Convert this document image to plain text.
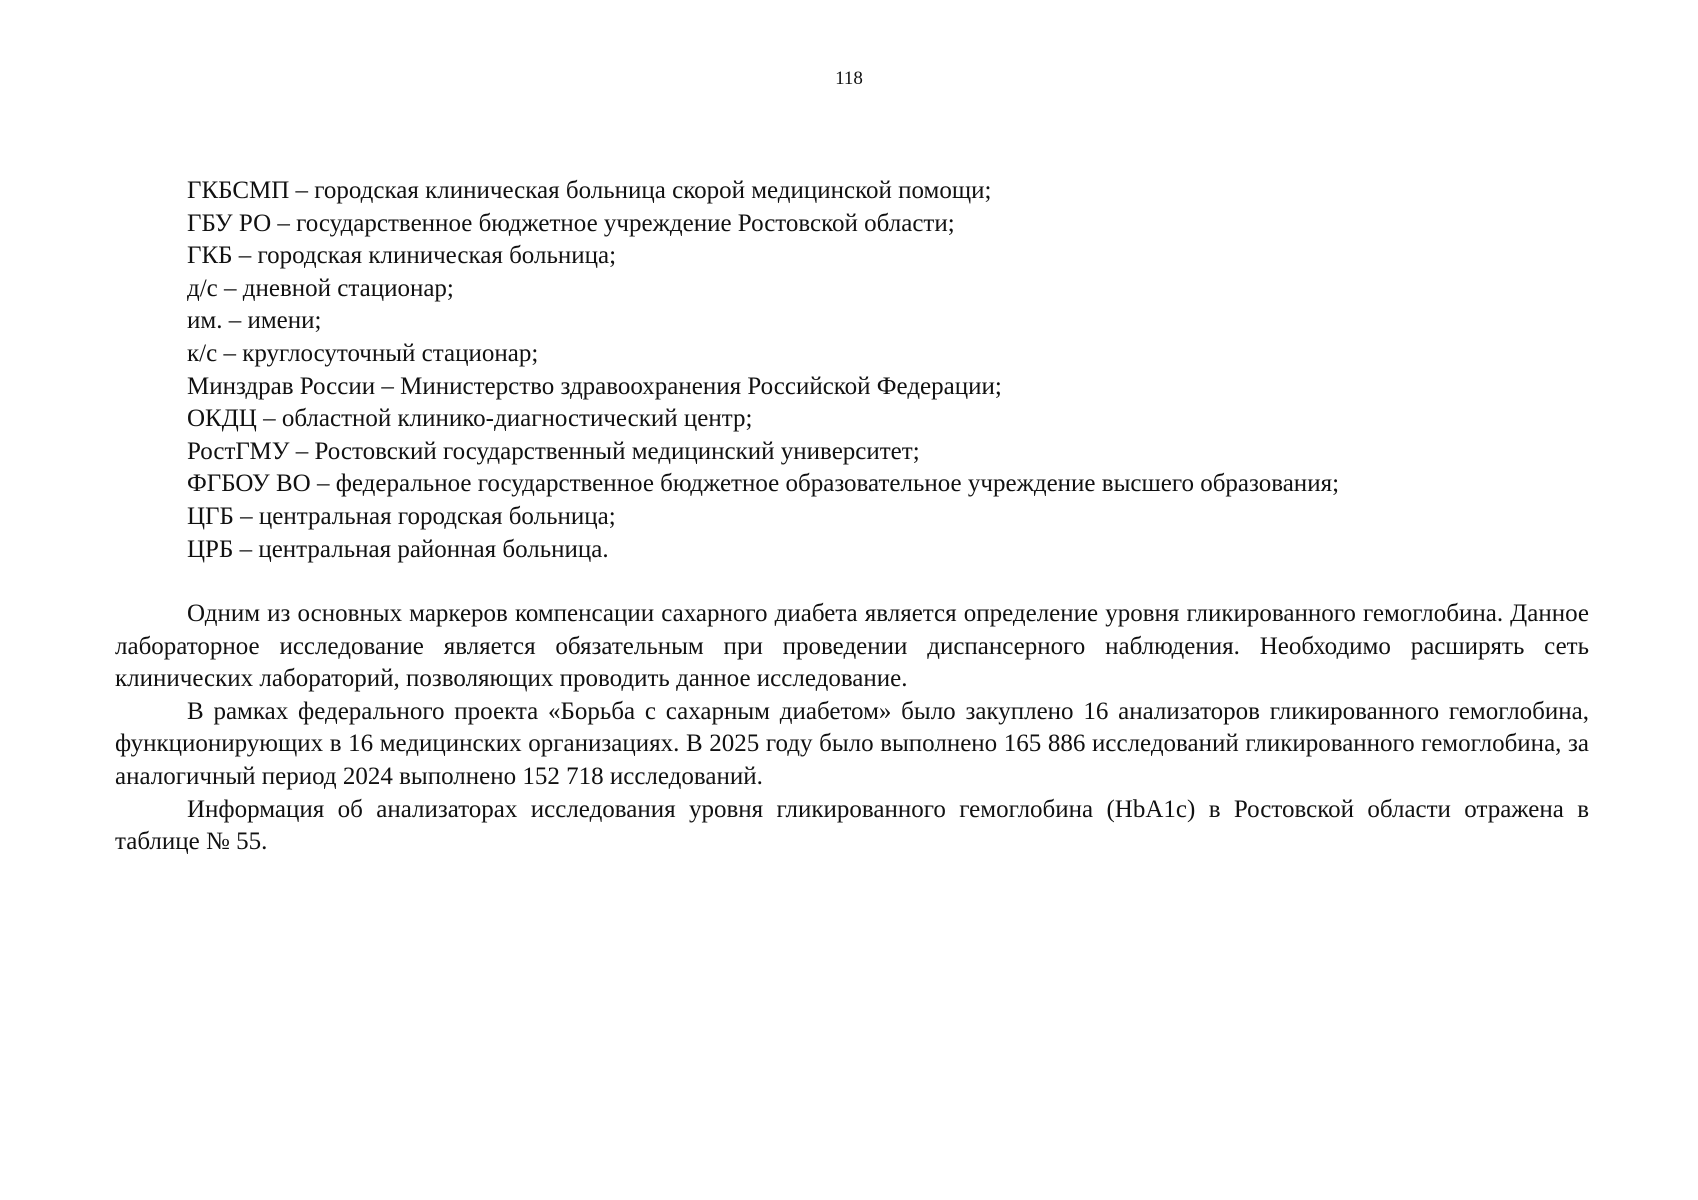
118
ГКБСМП – городская клиническая больница скорой медицинской помощи;
ГБУ РО – государственное бюджетное учреждение Ростовской области;
ГКБ – городская клиническая больница;
д/с – дневной стационар;
им. – имени;
к/с – круглосуточный стационар;
Минздрав России – Министерство здравоохранения Российской Федерации;
ОКДЦ – областной клинико-диагностический центр;
РостГМУ – Ростовский государственный медицинский университет;
ФГБОУ ВО – федеральное государственное бюджетное образовательное учреждение высшего образования;
ЦГБ – центральная городская больница;
ЦРБ – центральная районная больница.

Одним из основных маркеров компенсации сахарного диабета является определение уровня гликированного гемоглобина. Данное лабораторное исследование является обязательным при проведении диспансерного наблюдения. Необходимо расширять сеть клинических лабораторий, позволяющих проводить данное исследование.

В рамках федерального проекта «Борьба с сахарным диабетом» было закуплено 16 анализаторов гликированного гемоглобина, функционирующих в 16 медицинских организациях. В 2025 году было выполнено 165 886 исследований гликированного гемоглобина, за аналогичный период 2024 выполнено 152 718 исследований.

Информация об анализаторах исследования уровня гликированного гемоглобина (HbA1c) в Ростовской области отражена в таблице № 55.
